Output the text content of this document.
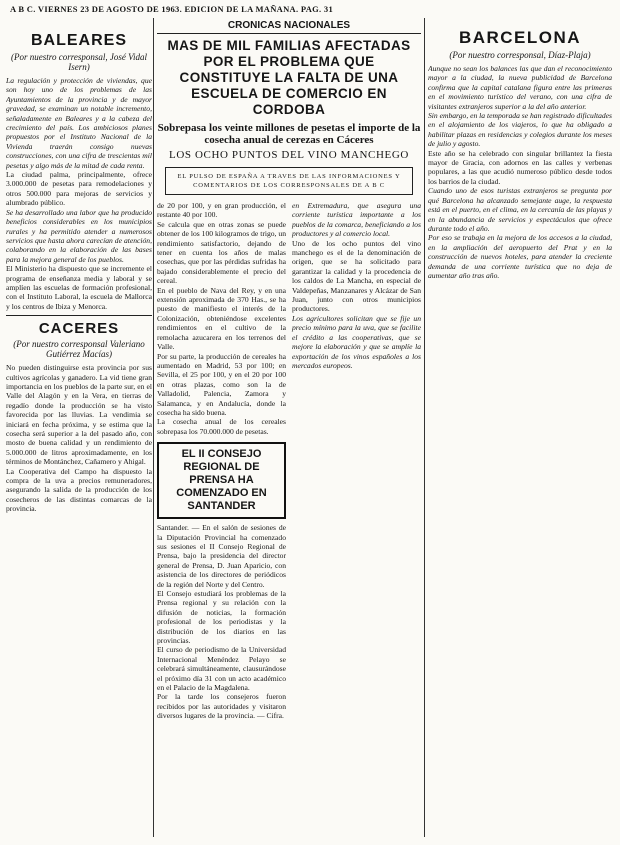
A B C. VIERNES 23 DE AGOSTO DE 1963. EDICION DE LA MAÑANA. PAG. 31
BALEARES

(Por nuestro corresponsal, José Vidal Isern)

La regulación y protección de viviendas, que son hoy uno de los problemas de las Ayuntamientos de la provincia y de mayor gravedad, se examinan un notable incremento, señaladamente en Baleares y a la cabeza del crecimiento del país. Los ambiciosos planes propuestos por el Instituto Nacional de la Vivienda traerán consigo nuevas construcciones, con una cifra de trescientas mil pesetas y algo más de la mitad de cada renta.

La ciudad palma, principalmente, ofrece 3.000.000 de pesetas para remodelaciones y otros 500.000 para mejoras de servicios y alumbrado público.

Se ha desarrollado una labor que ha producido beneficios considerables en los municipios rurales y ha permitido atender a numerosos servicios que hasta ahora carecían de atención, colaborando en la elaboración de las bases para la mejora general de los pueblos.

El Ministerio ha dispuesto que se incremente el programa de enseñanza media y laboral y se amplíen las escuelas de formación profesional, con el Instituto Laboral, la escuela de Mallorca y los centros de Ibiza y Menorca.

CACERES

(Por nuestro corresponsal Valeriano Gutiérrez Macías)

No pueden distinguirse esta provincia por sus cultivos agrícolas y ganadero. La vid tiene gran importancia en los pueblos de la parte sur, en el Valle del Alagón y en la Vera, en tierras de regadío donde la producción se ha visto favorecida por las lluvias. La vendimia se iniciará en fecha próxima, y se estima que la cosecha será superior a la del pasado año, con mosto de buena calidad y un rendimiento de 5.000.000 de litros aproximadamente, en los términos de Montánchez, Cañamero y Ahigal.

La Cooperativa del Campo ha dispuesto la compra de la uva a precios remuneradores, asegurando la salida de la producción de los cosecheros de las distintas comarcas de la provincia.

CRONICAS NACIONALES
MAS DE MIL FAMILIAS AFECTADAS POR EL PROBLEMA QUE CONSTITUYE LA FALTA DE UNA ESCUELA DE COMERCIO EN CORDOBA

Sobrepasa los veinte millones de pesetas el importe de la cosecha anual de cerezas en Cáceres

LOS OCHO PUNTOS DEL VINO MANCHEGO

EL PULSO DE ESPAÑA A TRAVES DE LAS INFORMACIONES Y COMENTARIOS DE LOS CORRESPONSALES DE A B C

de 20 por 100, y en gran producción, el restante 40 por 100.

Se calcula que en otras zonas se puede obtener de los 100 kilogramos de trigo, un rendimiento satisfactorio, dejando de tener en cuenta los años de malas cosechas, que por las pérdidas sufridas ha bajado considerablemente el precio del cereal.

En el pueblo de Nava del Rey, y en una extensión aproximada de 370 Has., se ha puesto de manifiesto el interés de la Colonización, obteniéndose excelentes rendimientos en el cultivo de la remolacha azucarera en los terrenos del Valle.

Por su parte, la producción de cereales ha aumentado en Madrid, 53 por 100; en Sevilla, el 25 por 100, y en el 20 por 100 en otras plazas, como son la de Valladolid, Palencia, Zamora y Salamanca, y en Andalucía, donde la cosecha ha sido buena.

La cosecha anual de los cereales sobrepasa los 70.000.000 de pesetas.

EL II CONSEJO REGIONAL DE PRENSA HA COMENZADO EN SANTANDER

Santander. — En el salón de sesiones de la Diputación Provincial ha comenzado sus sesiones el II Consejo Regional de Prensa, bajo la presidencia del director general de Prensa, D. Juan Aparicio, con asistencia de los directores de periódicos de la región del Norte y del Centro.

El Consejo estudiará los problemas de la Prensa regional y su relación con la difusión de noticias, la formación profesional de los periodistas y la distribución de los diarios en las provincias.

El curso de periodismo de la Universidad Internacional Menéndez Pelayo se celebrará simultáneamente, clausurándose el próximo día 31 con un acto académico en el Palacio de la Magdalena.

Por la tarde los consejeros fueron recibidos por las autoridades y visitaron diversos lugares de la provincia. — Cifra.

en Extremadura, que asegura una corriente turística importante a los pueblos de la comarca, beneficiando a los productores y al comercio local.

Uno de los ocho puntos del vino manchego es el de la denominación de origen, que se ha solicitado para garantizar la calidad y la procedencia de los caldos de La Mancha, en especial de Valdepeñas, Manzanares y Alcázar de San Juan, junto con otros municipios productores.

Los agricultores solicitan que se fije un precio mínimo para la uva, que se facilite el crédito a las cooperativas, que se mejore la elaboración y que se amplíe la exportación de los vinos españoles a los mercados europeos.

BARCELONA

(Por nuestro corresponsal, Díaz-Plaja)

Aunque no sean los balances las que dan el reconocimiento mayor a la ciudad, la nueva publicidad de Barcelona confirma que la capital catalana figura entre las primeras en el movimiento turístico del verano, con una cifra de visitantes extranjeros superior a la del año anterior.

Sin embargo, en la temporada se han registrado dificultades en el alojamiento de los viajeros, lo que ha obligado a habilitar plazas en residencias y colegios durante los meses de julio y agosto.

Este año se ha celebrado con singular brillantez la fiesta mayor de Gracia, con adornos en las calles y verbenas populares, a las que acudió numeroso público desde todos los barrios de la ciudad.

Cuando uno de esos turistas extranjeros se pregunta por qué Barcelona ha alcanzado semejante auge, la respuesta está en el puerto, en el clima, en la cercanía de las playas y en la abundancia de servicios y espectáculos que ofrece durante todo el año.

Por eso se trabaja en la mejora de los accesos a la ciudad, en la ampliación del aeropuerto del Prat y en la construcción de nuevos hoteles, para atender la creciente demanda de una corriente turística que no deja de aumentar año tras año.
